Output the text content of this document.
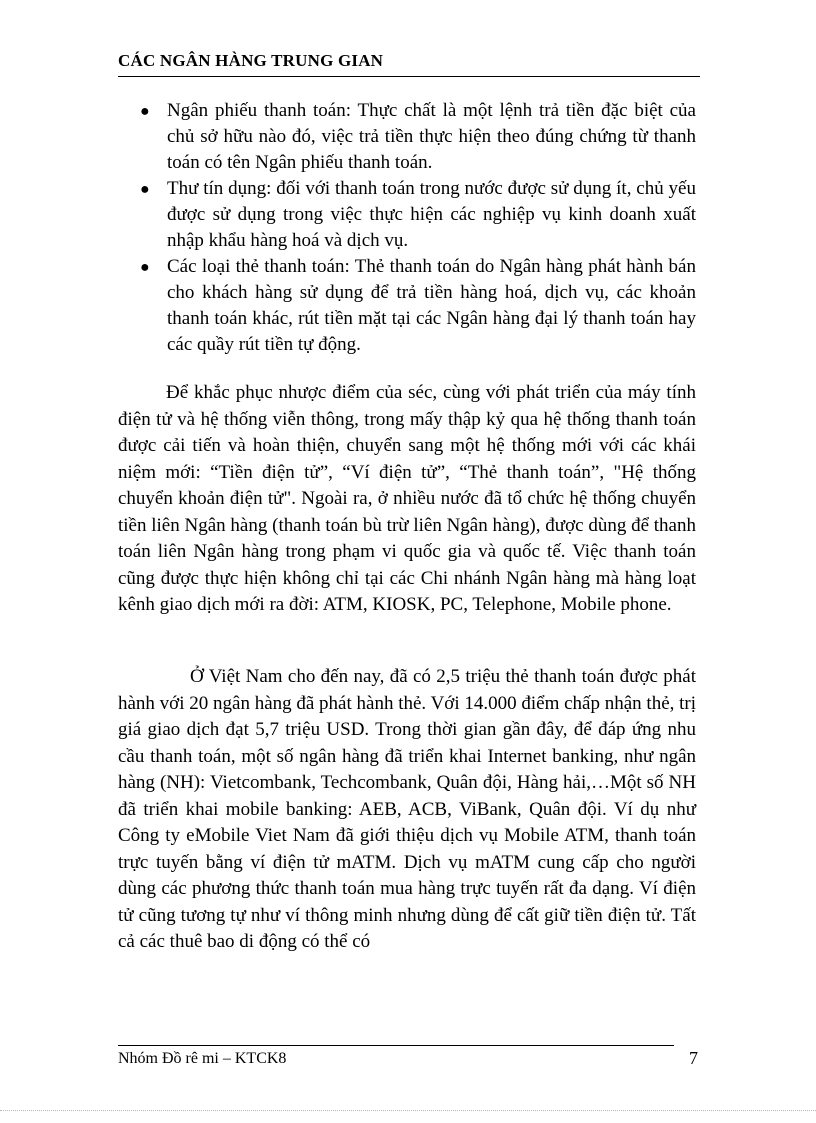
CÁC NGÂN HÀNG TRUNG GIAN
● Ngân phiếu thanh toán: Thực chất là một lệnh trả tiền đặc biệt của chủ sở hữu nào đó, việc trả tiền thực hiện theo đúng chứng từ thanh toán có tên Ngân phiếu thanh toán.
● Thư tín dụng: đối với thanh toán trong nước được sử dụng ít, chủ yếu được sử dụng trong việc thực hiện các nghiệp vụ kinh doanh xuất nhập khẩu hàng hoá và dịch vụ.
● Các loại thẻ thanh toán: Thẻ thanh toán do Ngân hàng phát hành bán cho khách hàng sử dụng để trả tiền hàng hoá, dịch vụ, các khoản thanh toán khác, rút tiền mặt tại các Ngân hàng đại lý thanh toán hay các quầy rút tiền tự động.

Để khắc phục nhược điểm của séc, cùng với phát triển của máy tính điện tử và hệ thống viễn thông, trong mấy thập kỷ qua hệ thống thanh toán được cải tiến và hoàn thiện, chuyển sang một hệ thống mới với các khái niệm mới: “Tiền điện tử”, “Ví điện tử”, “Thẻ thanh toán”, "Hệ thống chuyển khoản điện tử". Ngoài ra, ở nhiều nước đã tổ chức hệ thống chuyển tiền liên Ngân hàng (thanh toán bù trừ liên Ngân hàng), được dùng để thanh toán liên Ngân hàng trong phạm vi quốc gia và quốc tế. Việc thanh toán cũng được thực hiện không chỉ tại các Chi nhánh Ngân hàng mà hàng loạt kênh giao dịch mới ra đời: ATM, KIOSK, PC, Telephone, Mobile phone.

Ở Việt Nam cho đến nay, đã có 2,5 triệu thẻ thanh toán được phát hành với 20 ngân hàng đã phát hành thẻ. Với 14.000 điểm chấp nhận thẻ, trị giá giao dịch đạt 5,7 triệu USD. Trong thời gian gần đây, để đáp ứng nhu cầu thanh toán, một số ngân hàng đã triển khai Internet banking, như ngân hàng (NH): Vietcombank, Techcombank, Quân đội, Hàng hải,…Một số NH đã triển khai mobile banking: AEB, ACB, ViBank, Quân đội. Ví dụ như Công ty eMobile Viet Nam đã giới thiệu dịch vụ Mobile ATM, thanh toán trực tuyến bằng ví điện tử mATM. Dịch vụ mATM cung cấp cho người dùng các phương thức thanh toán mua hàng trực tuyến rất đa dạng. Ví điện tử cũng tương tự như ví thông minh nhưng dùng để cất giữ tiền điện tử. Tất cả các thuê bao di động có thể có

Nhóm Đồ rê mi – KTCK8	7
